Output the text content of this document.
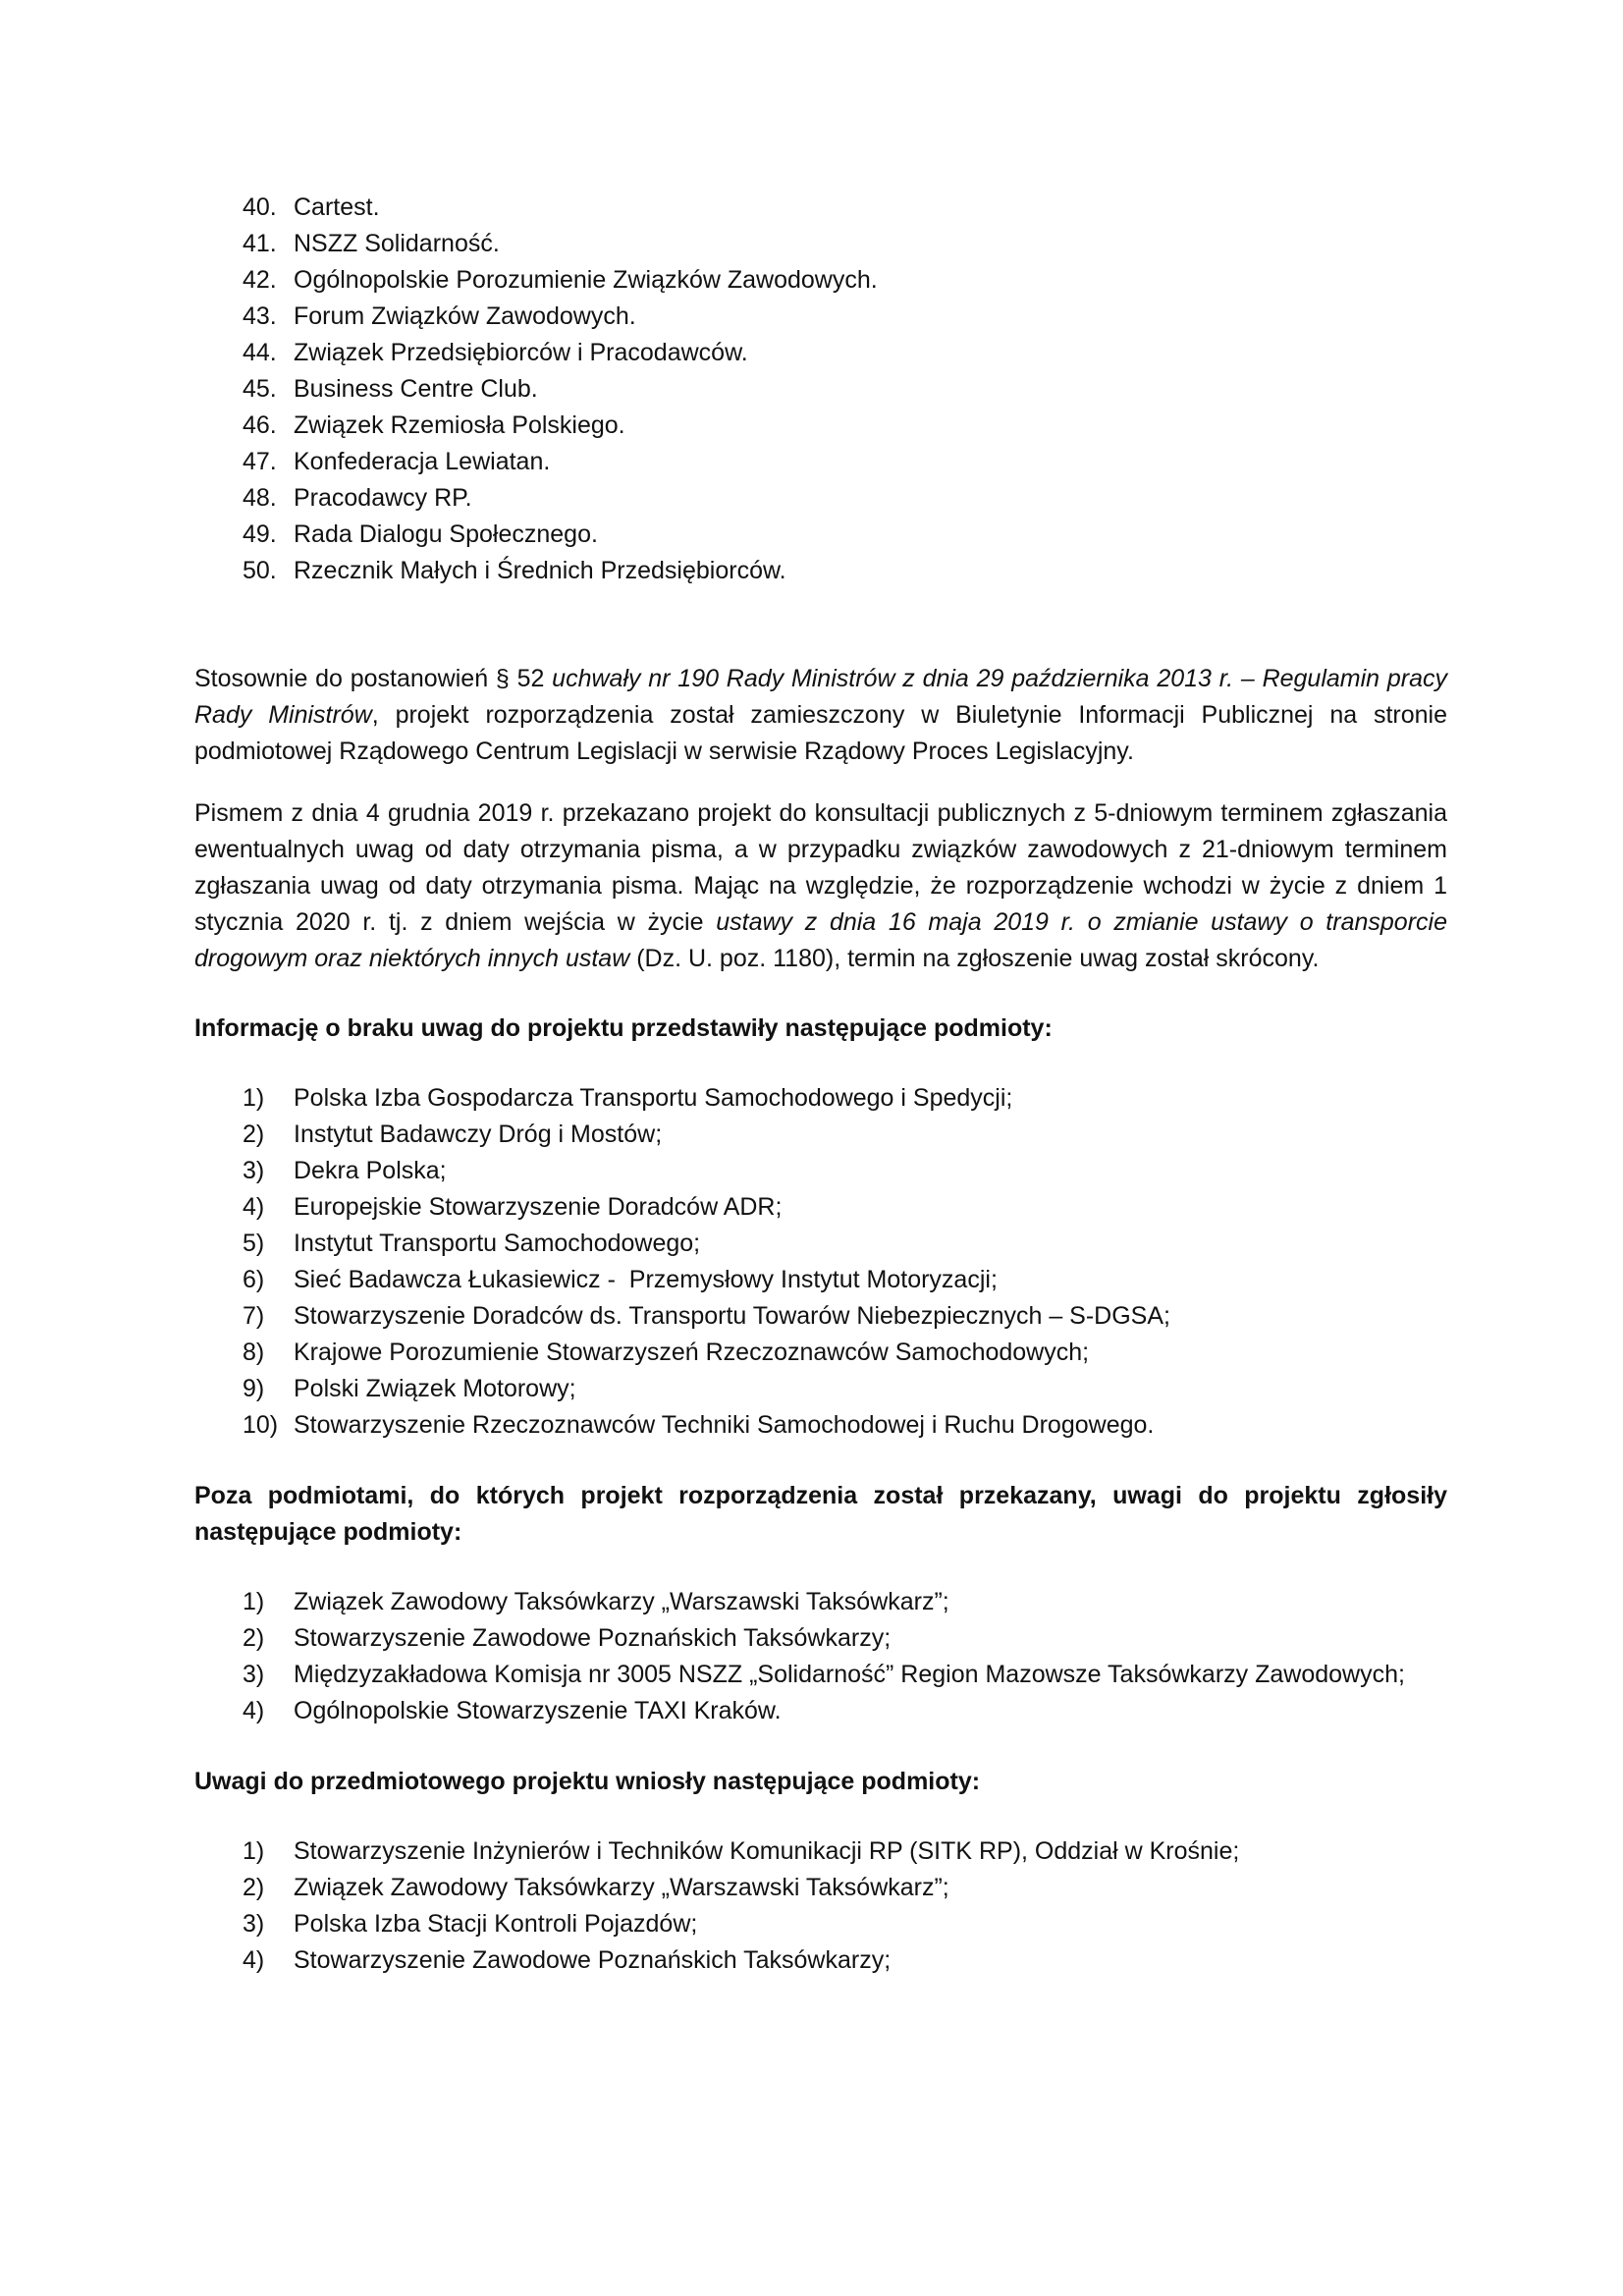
40. Cartest.
41. NSZZ Solidarność.
42. Ogólnopolskie Porozumienie Związków Zawodowych.
43. Forum Związków Zawodowych.
44. Związek Przedsiębiorców i Pracodawców.
45. Business Centre Club.
46. Związek Rzemiosła Polskiego.
47. Konfederacja Lewiatan.
48. Pracodawcy RP.
49. Rada Dialogu Społecznego.
50. Rzecznik Małych i Średnich Przedsiębiorców.

Stosownie do postanowień § 52 uchwały nr 190 Rady Ministrów z dnia 29 października 2013 r. – Regulamin pracy Rady Ministrów, projekt rozporządzenia został zamieszczony w Biuletynie Informacji Publicznej na stronie podmiotowej Rządowego Centrum Legislacji w serwisie Rządowy Proces Legislacyjny.

Pismem z dnia 4 grudnia 2019 r. przekazano projekt do konsultacji publicznych z 5-dniowym terminem zgłaszania ewentualnych uwag od daty otrzymania pisma, a w przypadku związków zawodowych z 21-dniowym terminem zgłaszania uwag od daty otrzymania pisma. Mając na względzie, że rozporządzenie wchodzi w życie z dniem 1 stycznia 2020 r. tj. z dniem wejścia w życie ustawy z dnia 16 maja 2019 r. o zmianie ustawy o transporcie drogowym oraz niektórych innych ustaw (Dz. U. poz. 1180), termin na zgłoszenie uwag został skrócony.

Informację o braku uwag do projektu przedstawiły następujące podmioty:

1) Polska Izba Gospodarcza Transportu Samochodowego i Spedycji;
2) Instytut Badawczy Dróg i Mostów;
3) Dekra Polska;
4) Europejskie Stowarzyszenie Doradców ADR;
5) Instytut Transportu Samochodowego;
6) Sieć Badawcza Łukasiewicz -  Przemysłowy Instytut Motoryzacji;
7) Stowarzyszenie Doradców ds. Transportu Towarów Niebezpiecznych – S-DGSA;
8) Krajowe Porozumienie Stowarzyszeń Rzeczoznawców Samochodowych;
9) Polski Związek Motorowy;
10) Stowarzyszenie Rzeczoznawców Techniki Samochodowej i Ruchu Drogowego.

Poza podmiotami, do których projekt rozporządzenia został przekazany, uwagi do projektu zgłosiły następujące podmioty:

1) Związek Zawodowy Taksówkarzy „Warszawski Taksówkarz”;
2) Stowarzyszenie Zawodowe Poznańskich Taksówkarzy;
3) Międzyzakładowa Komisja nr 3005 NSZZ „Solidarność” Region Mazowsze Taksówkarzy Zawodowych;
4) Ogólnopolskie Stowarzyszenie TAXI Kraków.

Uwagi do przedmiotowego projektu wniosły następujące podmioty:

1) Stowarzyszenie Inżynierów i Techników Komunikacji RP (SITK RP), Oddział w Krośnie;
2) Związek Zawodowy Taksówkarzy „Warszawski Taksówkarz”;
3) Polska Izba Stacji Kontroli Pojazdów;
4) Stowarzyszenie Zawodowe Poznańskich Taksówkarzy;
